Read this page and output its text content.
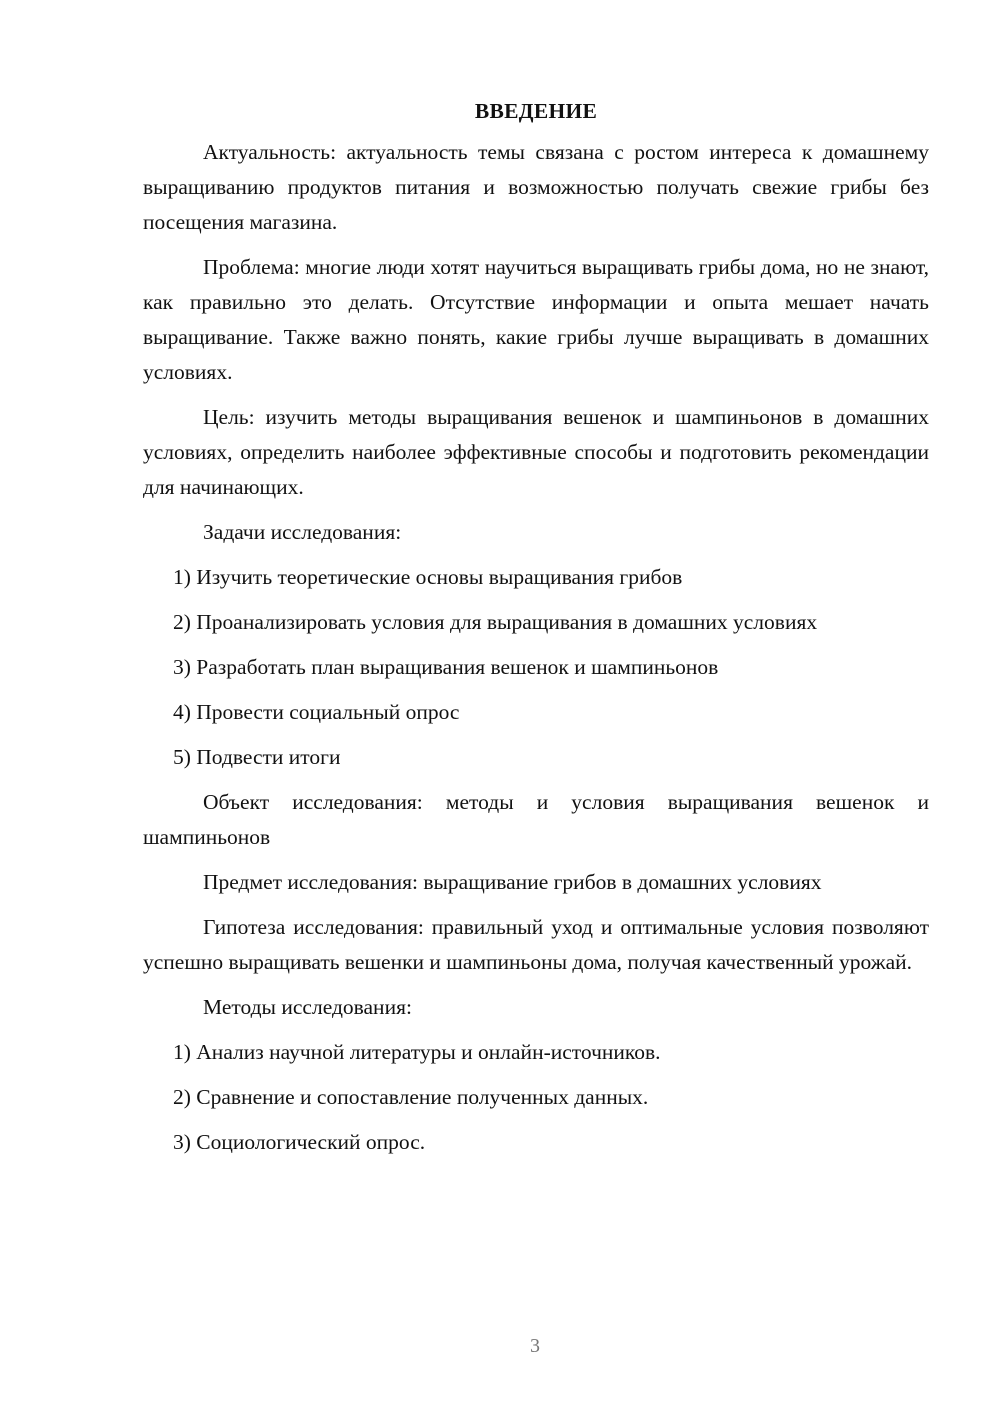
ВВЕДЕНИЕ

Актуальность: актуальность темы связана с ростом интереса к домашнему выращиванию продуктов питания и возможностью получать свежие грибы без посещения магазина.

Проблема: многие люди хотят научиться выращивать грибы дома, но не знают, как правильно это делать. Отсутствие информации и опыта мешает начать выращивание. Также важно понять, какие грибы лучше выращивать в домашних условиях.

Цель: изучить методы выращивания вешенок и шампиньонов в домашних условиях, определить наиболее эффективные способы и подготовить рекомендации для начинающих.

Задачи исследования:

1) Изучить теоретические основы выращивания грибов
2) Проанализировать условия для выращивания в домашних условиях
3) Разработать план выращивания вешенок и шампиньонов
4) Провести социальный опрос
5) Подвести итоги

Объект исследования: методы и условия выращивания вешенок и шампиньонов

Предмет исследования: выращивание грибов в домашних условиях

Гипотеза исследования: правильный уход и оптимальные условия позволяют успешно выращивать вешенки и шампиньоны дома, получая качественный урожай.

Методы исследования:

1) Анализ научной литературы и онлайн-источников.
2) Сравнение и сопоставление полученных данных.
3) Социологический опрос.
3
